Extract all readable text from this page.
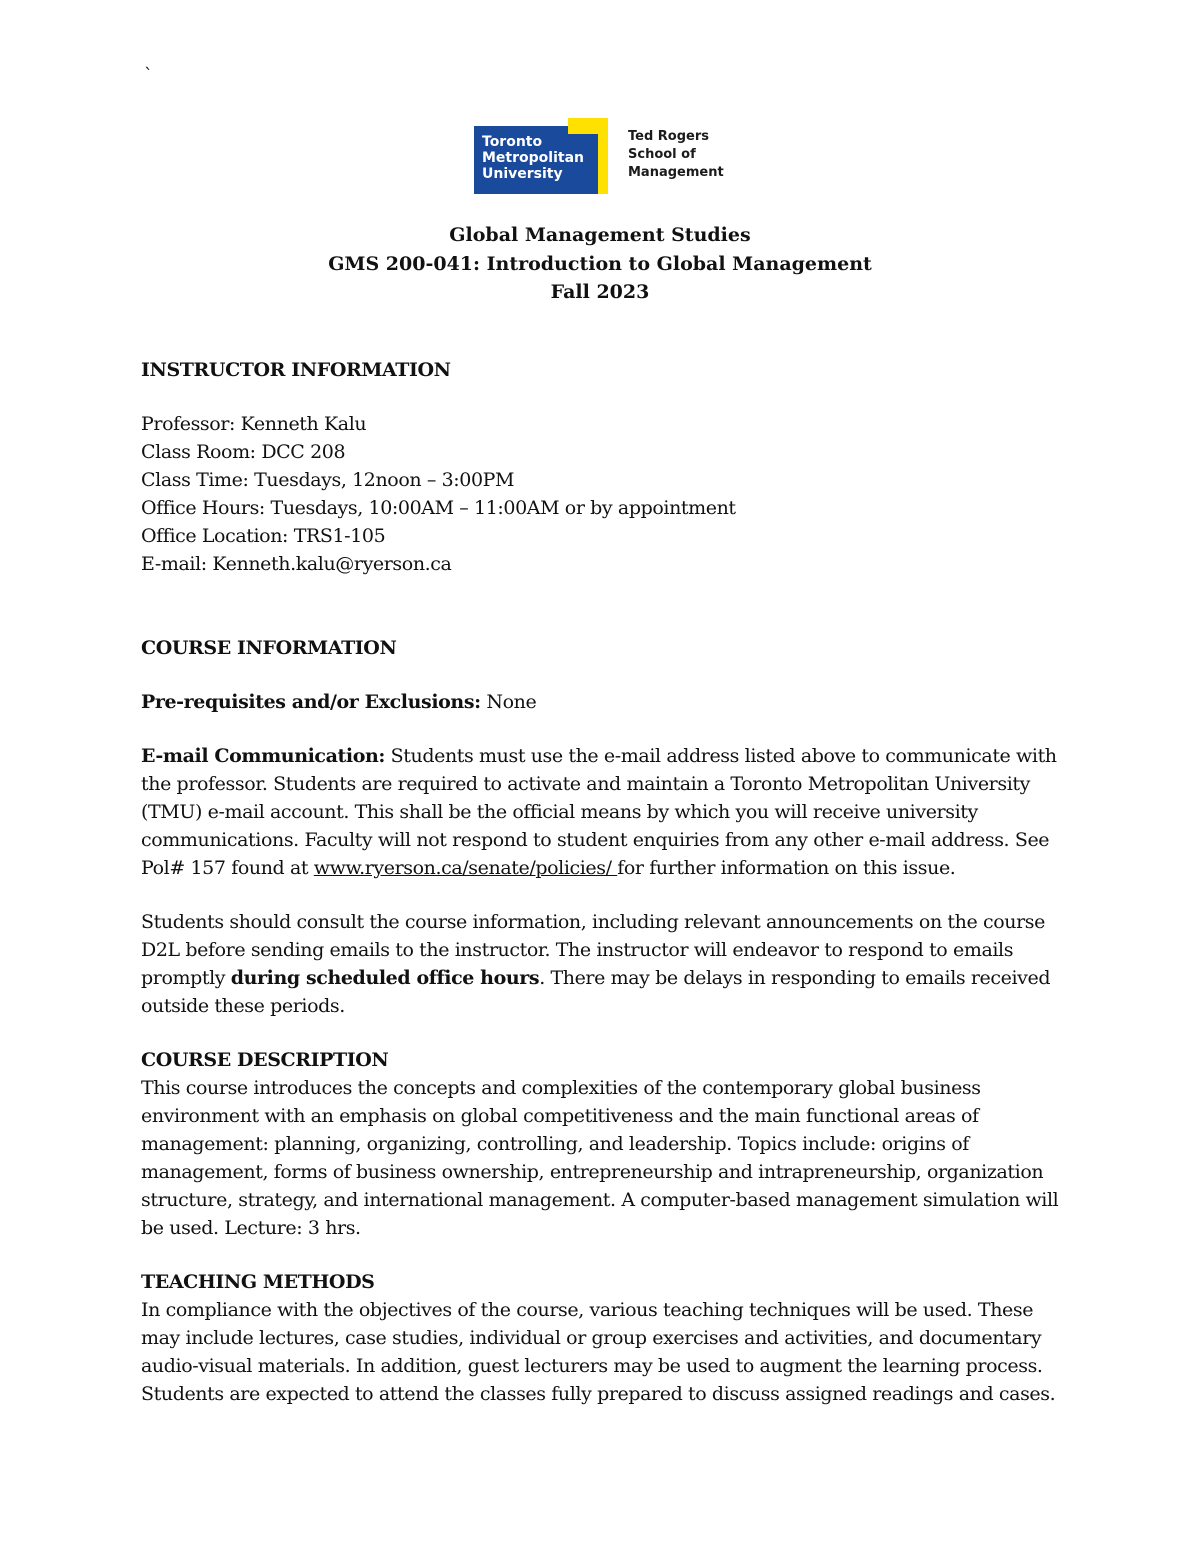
`
Toronto
Metropolitan
University
Ted Rogers
School of
Management
Global Management Studies
GMS 200-041: Introduction to Global Management
Fall 2023
INSTRUCTOR INFORMATION
Professor: Kenneth Kalu
Class Room: DCC 208
Class Time: Tuesdays, 12noon – 3:00PM
Office Hours: Tuesdays, 10:00AM – 11:00AM or by appointment
Office Location: TRS1-105
E-mail: Kenneth.kalu@ryerson.ca
COURSE INFORMATION
Pre-requisites and/or Exclusions: None
E-mail Communication: Students must use the e-mail address listed above to communicate with the professor. Students are required to activate and maintain a Toronto Metropolitan University (TMU) e-mail account. This shall be the official means by which you will receive university communications. Faculty will not respond to student enquiries from any other e-mail address. See Pol# 157 found at www.ryerson.ca/senate/policies/ for further information on this issue.
Students should consult the course information, including relevant announcements on the course D2L before sending emails to the instructor. The instructor will endeavor to respond to emails promptly during scheduled office hours. There may be delays in responding to emails received outside these periods.
COURSE DESCRIPTION
This course introduces the concepts and complexities of the contemporary global business environment with an emphasis on global competitiveness and the main functional areas of management: planning, organizing, controlling, and leadership. Topics include: origins of management, forms of business ownership, entrepreneurship and intrapreneurship, organization structure, strategy, and international management. A computer-based management simulation will be used. Lecture: 3 hrs.
TEACHING METHODS
In compliance with the objectives of the course, various teaching techniques will be used. These may include lectures, case studies, individual or group exercises and activities, and documentary audio-visual materials. In addition, guest lecturers may be used to augment the learning process. Students are expected to attend the classes fully prepared to discuss assigned readings and cases.
